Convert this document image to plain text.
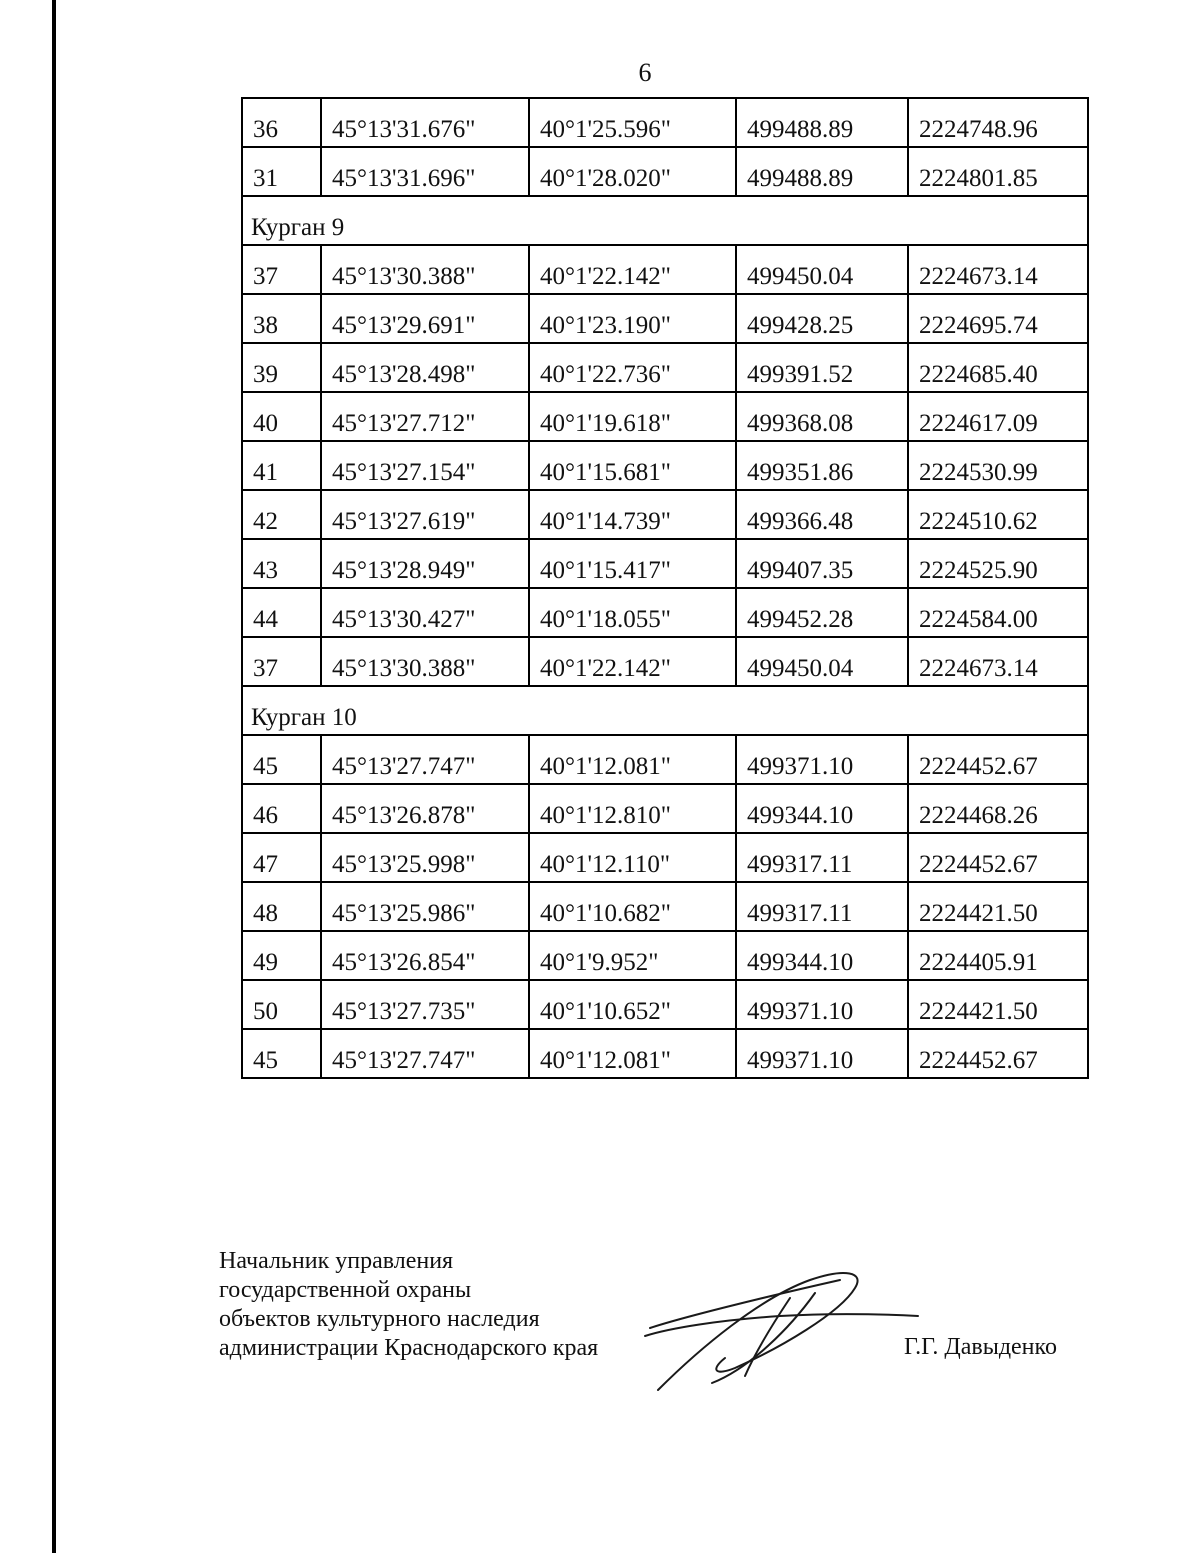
6
36	45°13'31.676"	40°1'25.596"	499488.89	2224748.96
31	45°13'31.696"	40°1'28.020"	499488.89	2224801.85
Курган 9				
37	45°13'30.388"	40°1'22.142"	499450.04	2224673.14
38	45°13'29.691"	40°1'23.190"	499428.25	2224695.74
39	45°13'28.498"	40°1'22.736"	499391.52	2224685.40
40	45°13'27.712"	40°1'19.618"	499368.08	2224617.09
41	45°13'27.154"	40°1'15.681"	499351.86	2224530.99
42	45°13'27.619"	40°1'14.739"	499366.48	2224510.62
43	45°13'28.949"	40°1'15.417"	499407.35	2224525.90
44	45°13'30.427"	40°1'18.055"	499452.28	2224584.00
37	45°13'30.388"	40°1'22.142"	499450.04	2224673.14
Курган 10				
45	45°13'27.747"	40°1'12.081"	499371.10	2224452.67
46	45°13'26.878"	40°1'12.810"	499344.10	2224468.26
47	45°13'25.998"	40°1'12.110"	499317.11	2224452.67
48	45°13'25.986"	40°1'10.682"	499317.11	2224421.50
49	45°13'26.854"	40°1'9.952"	499344.10	2224405.91
50	45°13'27.735"	40°1'10.652"	499371.10	2224421.50
45	45°13'27.747"	40°1'12.081"	499371.10	2224452.67
Начальник управления
государственной охраны
объектов культурного наследия
администрации Краснодарского края	Г.Г. Давыденко
